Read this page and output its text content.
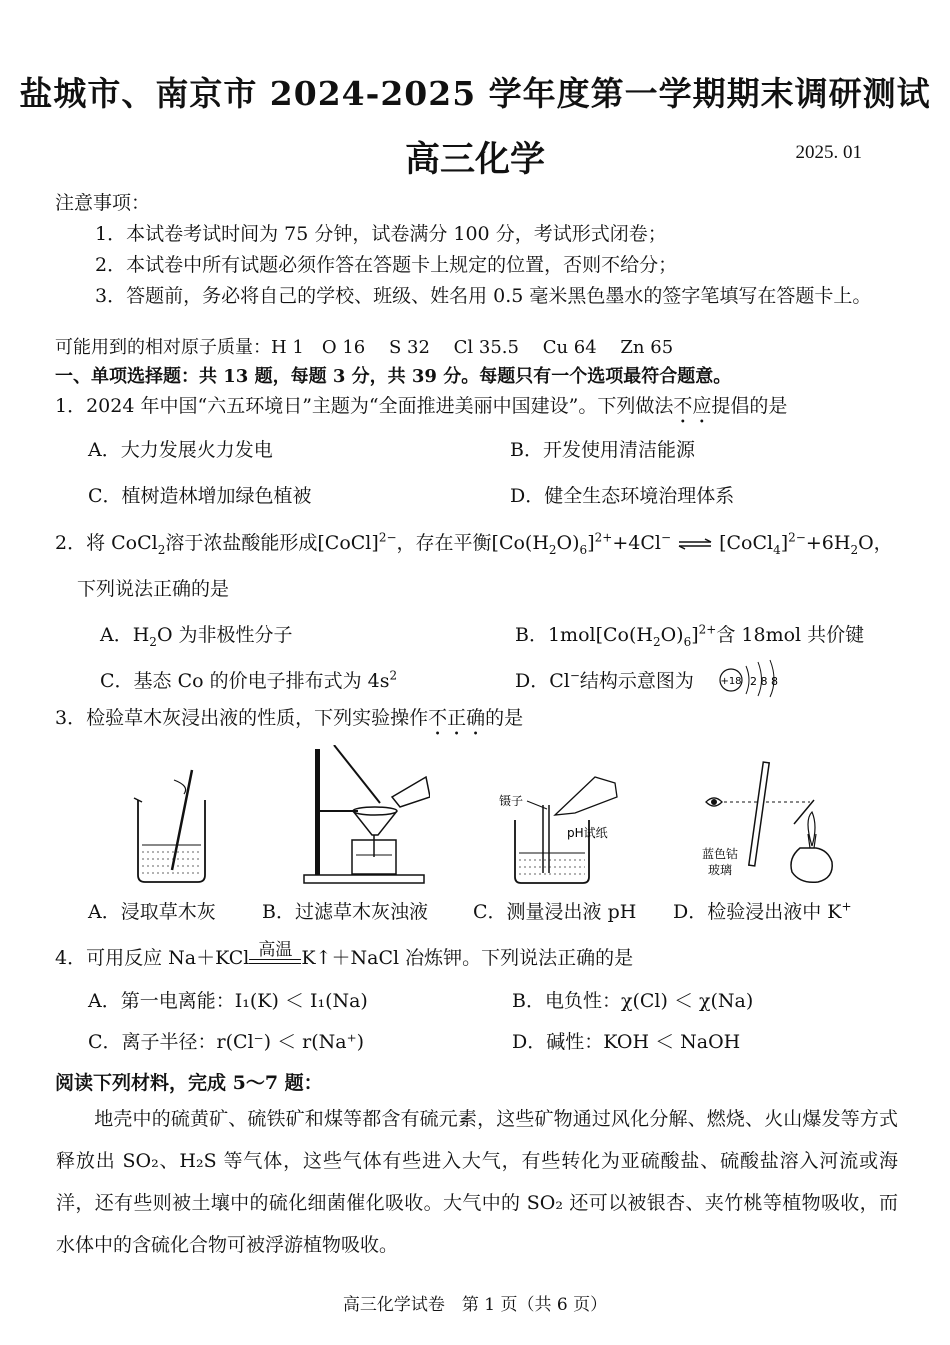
盐城市、南京市 2024-2025 学年度第一学期期末调研测试
高三化学	2025. 01
注意事项：
1．本试卷考试时间为 75 分钟，试卷满分 100 分，考试形式闭卷；
2．本试卷中所有试题必须作答在答题卡上规定的位置，否则不给分；
3．答题前，务必将自己的学校、班级、姓名用 0.5 毫米黑色墨水的签字笔填写在答题卡上。
可能用到的相对原子质量：H 1　O 16　 S 32　 Cl 35.5　 Cu 64　 Zn 65
一、单项选择题：共 13 题，每题 3 分，共 39 分。每题只有一个选项最符合题意。
1．2024 年中国“六五环境日”主题为“全面推进美丽中国建设”。下列做法不应提倡的是
A．大力发展火力发电	B．开发使用清洁能源
C．植树造林增加绿色植被	D．健全生态环境治理体系
2．将 CoCl$_2$溶于浓盐酸能形成[CoCl]$^{2-}$，存在平衡$[Co(H_2O)_6]^{2+}+4Cl^-$ ⇌ $[CoCl_4]^{2-}+6H_2O$，
下列说法正确的是
A．$H_2O$ 为非极性分子	B．$1mol[Co(H_2O)_6]^{2+}$含 18mol 共价键
C．基态 Co 的价电子排布式为 $4s^2$	D．Cl−结构示意图为	+18 2 8 8
3．检验草木灰浸出液的性质，下列实验操作不正确的是
镊子
pH试纸
蓝色钴
玻璃
A．浸取草木灰 B．过滤草木灰浊液 C．测量浸出液 pH D．检验浸出液中 K+
4．可用反应 Na＋KCl 高温 K↑＋NaCl 冶炼钾。下列说法正确的是
A．第一电离能：I₁(K) ＜ I₁(Na)	B．电负性：χ(Cl) ＜ χ(Na)
C．离子半径：r(Cl⁻) ＜ r(Na⁺)	D．碱性：KOH ＜ NaOH
阅读下列材料，完成 5～7 题：
　　地壳中的硫黄矿、硫铁矿和煤等都含有硫元素，这些矿物通过风化分解、燃烧、火山爆发等方式释放出 SO₂、H₂S 等气体，这些气体有些进入大气，有些转化为亚硫酸盐、硫酸盐溶入河流或海洋，还有些则被土壤中的硫化细菌催化吸收。大气中的 SO₂ 还可以被银杏、夹竹桃等植物吸收，而水体中的含硫化合物可被浮游植物吸收。
高三化学试卷　第 1 页（共 6 页）
